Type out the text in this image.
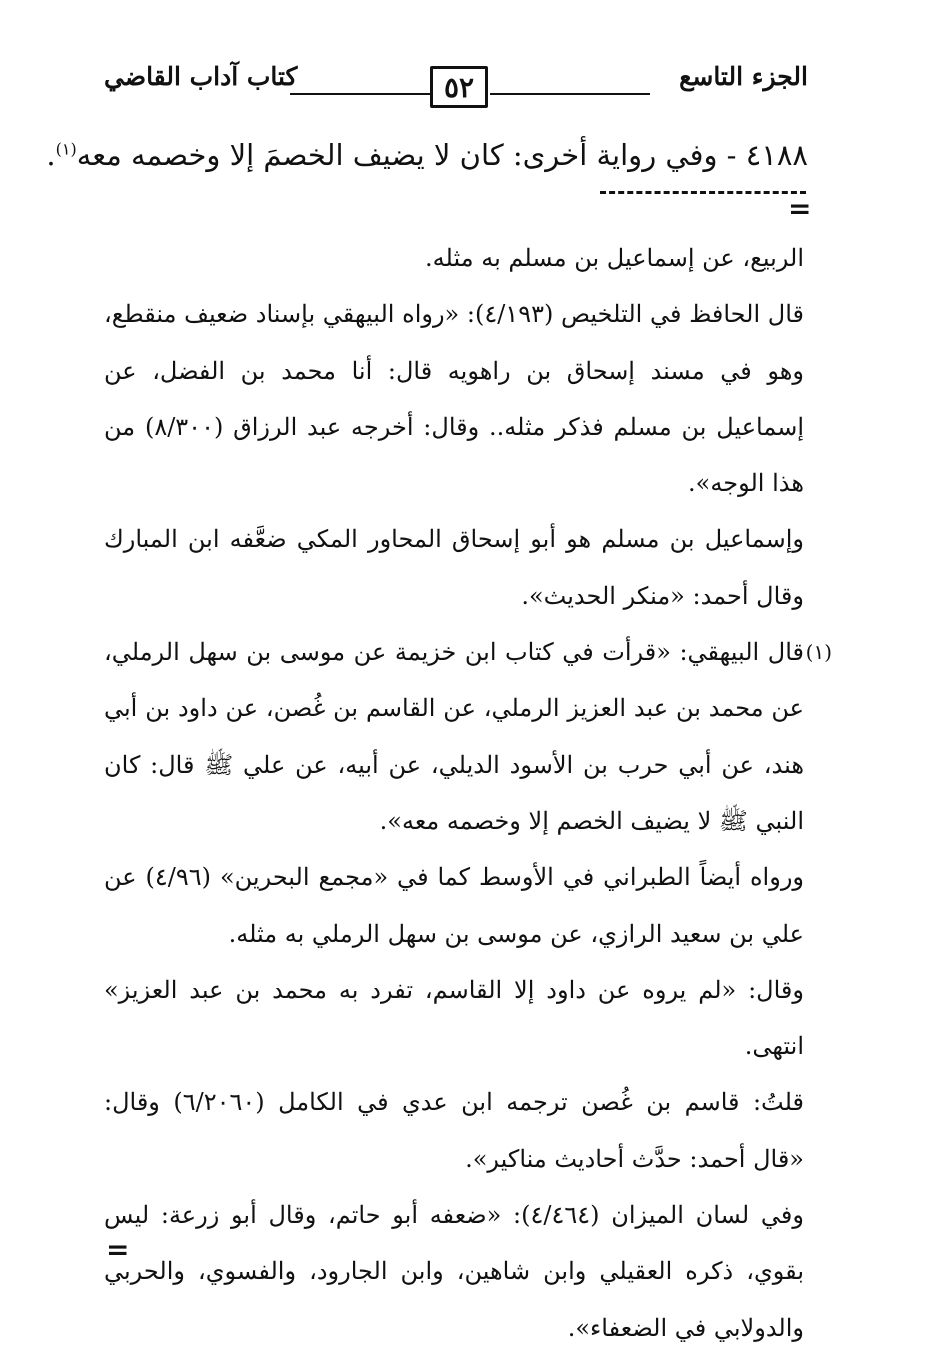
الجزء التاسع
٥٢
كتاب آداب القاضي
٤١٨٨ - وفي رواية أخرى: كان لا يضيف الخصمَ إلا وخصمه معه$^{(١)}$.
=

الربيع، عن إسماعيل بن مسلم به مثله.

قال الحافظ في التلخيص (٤/١٩٣): «رواه البيهقي بإسناد ضعيف منقطع، وهو في مسند إسحاق بن راهويه قال: أنا محمد بن الفضل، عن إسماعيل بن مسلم فذكر مثله.. وقال: أخرجه عبد الرزاق (٨/٣٠٠) من هذا الوجه».

وإسماعيل بن مسلم هو أبو إسحاق المحاور المكي ضعَّفه ابن المبارك وقال أحمد: «منكر الحديث».

(١)
قال البيهقي: «قرأت في كتاب ابن خزيمة عن موسى بن سهل الرملي، عن محمد بن عبد العزيز الرملي، عن القاسم بن غُصن، عن داود بن أبي هند، عن أبي حرب بن الأسود الديلي، عن أبيه، عن علي ﷺ قال: كان النبي ﷺ لا يضيف الخصم إلا وخصمه معه».

ورواه أيضاً الطبراني في الأوسط كما في «مجمع البحرين» (٤/٩٦) عن علي بن سعيد الرازي، عن موسى بن سهل الرملي به مثله.

وقال: «لم يروه عن داود إلا القاسم، تفرد به محمد بن عبد العزيز» انتهى.

قلتُ: قاسم بن غُصن ترجمه ابن عدي في الكامل (٦/٢٠٦٠) وقال: «قال أحمد: حدَّث أحاديث مناكير».

وفي لسان الميزان (٤/٤٦٤): «ضعفه أبو حاتم، وقال أبو زرعة: ليس بقوي، ذكره العقيلي وابن شاهين، وابن الجارود، والفسوي، والحربي والدولابي في الضعفاء».

=
